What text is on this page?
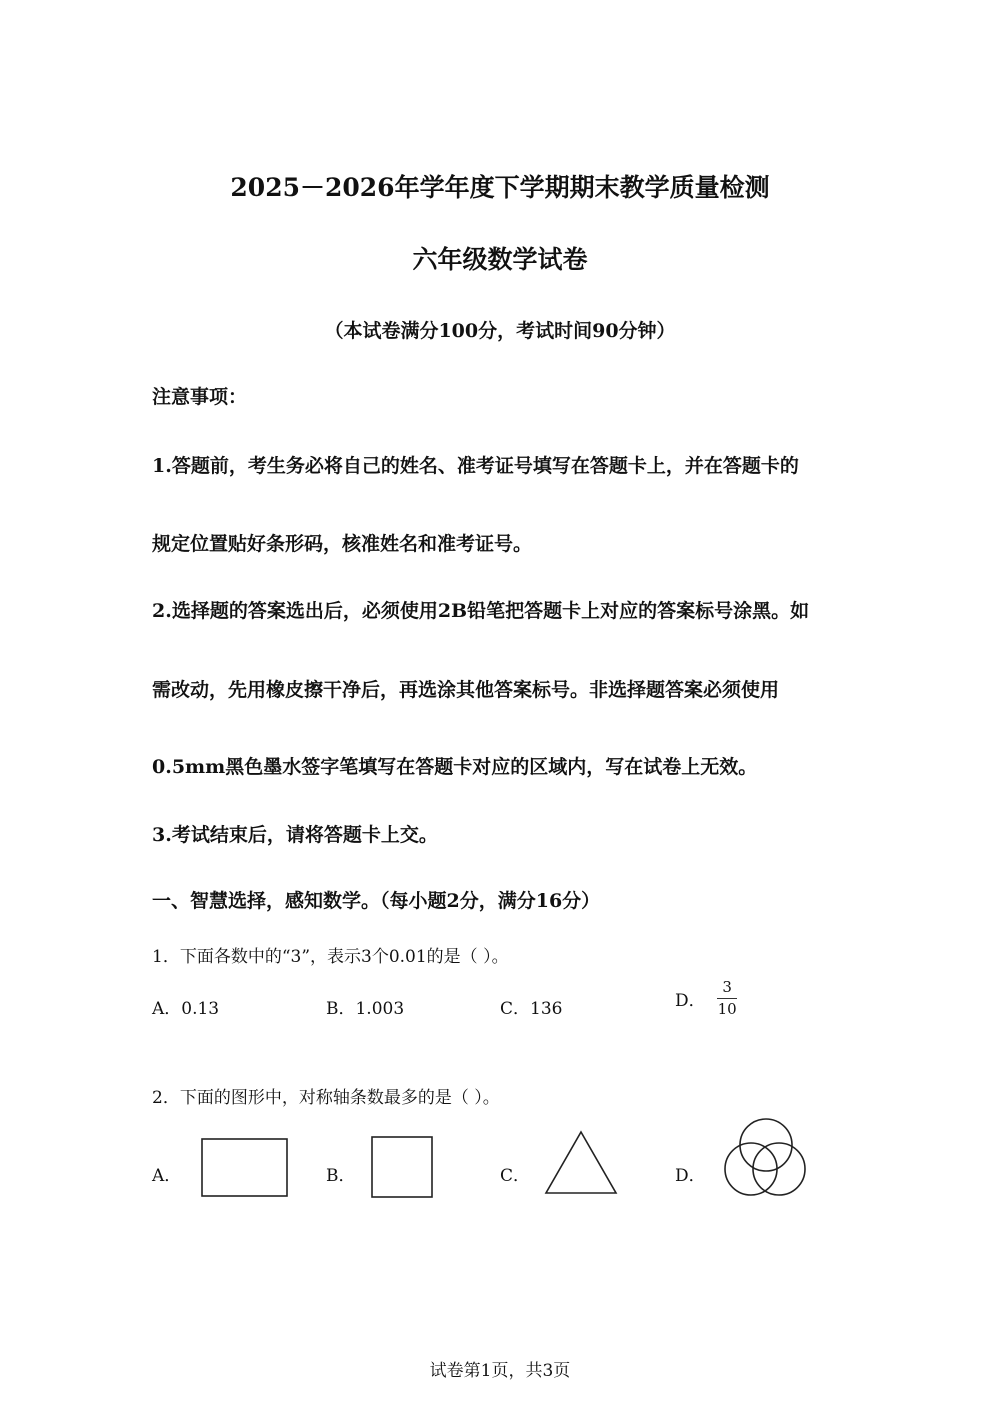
2025－2026年学年度下学期期末教学质量检测
六年级数学试卷
（本试卷满分100分，考试时间90分钟）
注意事项：
1.答题前，考生务必将自己的姓名、准考证号填写在答题卡上，并在答题卡的
规定位置贴好条形码，核准姓名和准考证号。
2.选择题的答案选出后，必须使用2B铅笔把答题卡上对应的答案标号涂黑。如
需改动，先用橡皮擦干净后，再选涂其他答案标号。非选择题答案必须使用
0.5mm黑色墨水签字笔填写在答题卡对应的区域内，写在试卷上无效。
3.考试结束后，请将答题卡上交。
一、智慧选择，感知数学。（每小题2分，满分16分）
1．下面各数中的“3”，表示3个0.01的是（ ）。
A．0.13	B．1.003	C．136	D． $\frac{3}{10}$
2．下面的图形中，对称轴条数最多的是（ ）。
A．	B．	C．	D．
试卷第1页，共3页
